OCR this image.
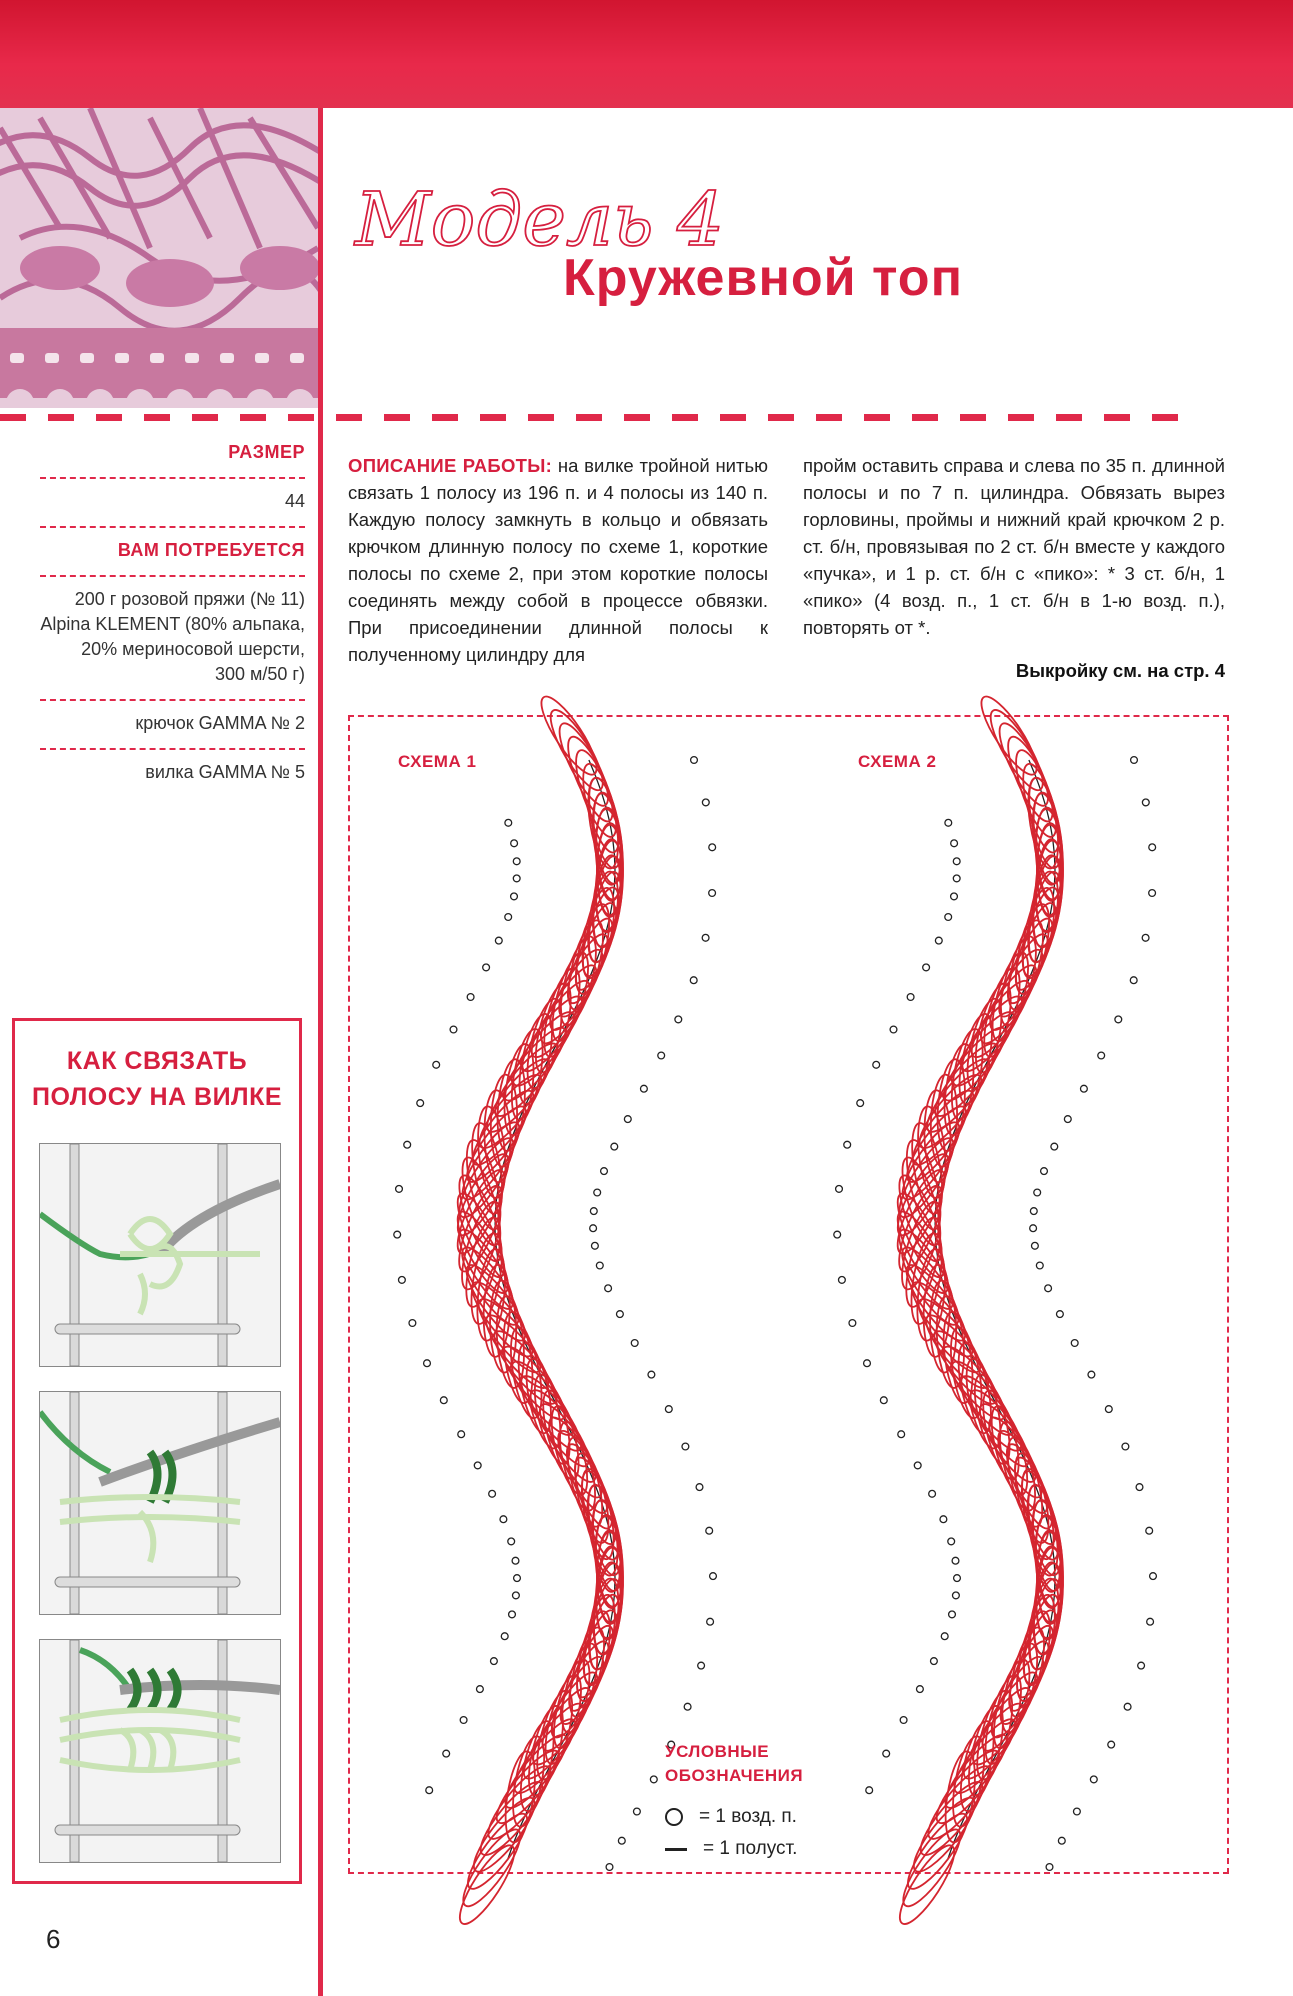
Модель 4
Кружевной топ
РАЗМЕР
44
ВАМ ПОТРЕБУЕТСЯ
200 г розовой пряжи (№ 11)
Alpina KLEMENT (80% альпака,
20% мериносовой шерсти,
300 м/50 г)
крючок GAMMA № 2
вилка GAMMA № 5
КАК СВЯЗАТЬ
ПОЛОСУ НА ВИЛКЕ
6
ОПИСАНИЕ РАБОТЫ: на вилке тройной нитью связать 1 полосу из 196 п. и 4 полосы из 140 п. Каждую полосу замкнуть в кольцо и обвязать крючком длинную полосу по схеме 1, короткие полосы по схеме 2, при этом короткие полосы соединять между собой в процессе обвязки. При присоединении длинной полосы к полученному цилиндру для
пройм оставить справа и слева по 35 п. длинной полосы и по 7 п. цилиндра. Обвязать вырез горловины, проймы и нижний край крючком 2 р. ст. б/н, провязывая по 2 ст. б/н вместе у каждого «пучка», и 1 р. ст. б/н с «пико»: * 3 ст. б/н, 1 «пико» (4 возд. п., 1 ст. б/н в 1-ю возд. п.), повторять от *.
Выкройку см. на стр. 4
СХЕМА 1	СХЕМА 2
УСЛОВНЫЕ
ОБОЗНАЧЕНИЯ
= 1 возд. п.
= 1 полуст.
